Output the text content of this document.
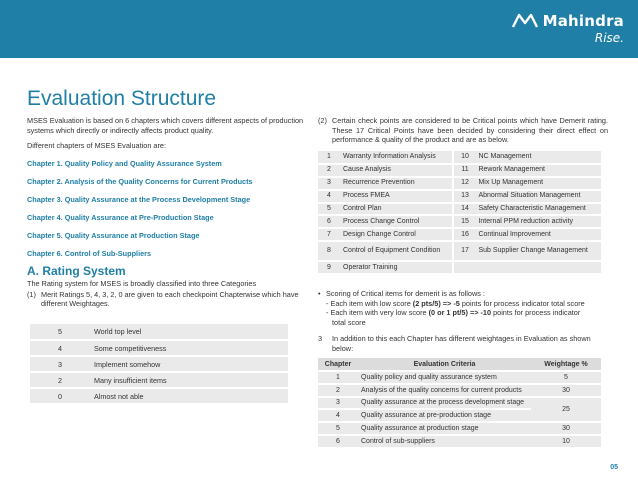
Mahindra
Rise.
Evaluation Structure

MSES Evaluation is based on 6 chapters which covers different aspects of production systems which directly or indirectly affects product quality.

Different chapters of MSES Evaluation are:

Chapter 1. Quality Policy and Quality Assurance System
Chapter 2. Analysis of the Quality Concerns for Current Products
Chapter 3. Quality Assurance at the Process Development Stage
Chapter 4. Quality Assurance at Pre-Production Stage
Chapter 5. Quality Assurance at Production Stage
Chapter 6. Control of Sub-Suppliers
A. Rating System
The Rating system for MSES is broadly classified into three Categories
(1) Merit Ratings 5, 4, 3, 2, 0 are given to each checkpoint Chapterwise which have different Weightages.
5	World top level
4	Some competitiveness
3	Implement somehow
2	Many insufficient items
0	Almost not able
(2) Certain check points are considered to be Critical points which have Demerit rating. These 17 Critical Points have been decided by considering their direct effect on performance & quality of the product and are as below.
1	Warranty Information Analysis	10	NC Management
2	Cause Analysis	11	Rework Management
3	Recurrence Prevention	12	Mix Up Management
4	Process FMEA	13	Abnormal Situation Management
5	Control Plan	14	Safety Characteristic Management
6	Process Change Control	15	Internal PPM reduction activity
7	Design Change Control	16	Continual Improvement
8	Control of Equipment Condition	17	Sub Supplier Change Management
9	Operator Training		
• Scoring of Critical items for demerit is as follows :
- Each item with low score (2 pts/5) => -5 points for process indicator total score
- Each item with very low score (0 or 1 pt/5) => -10 points for process indicator
total score
3	In addition to this each Chapter has different weightages in Evaluation as shown below:
Chapter	Evaluation Criteria	Weightage %
1	Quality policy and quality assurance system	5
2	Analysis of the quality concerns for current products	30
3	Quality assurance at the process development stage	25
4	Quality assurance at pre-production stage	
5	Quality assurance at production stage	30
6	Control of sub-suppliers	10
05
